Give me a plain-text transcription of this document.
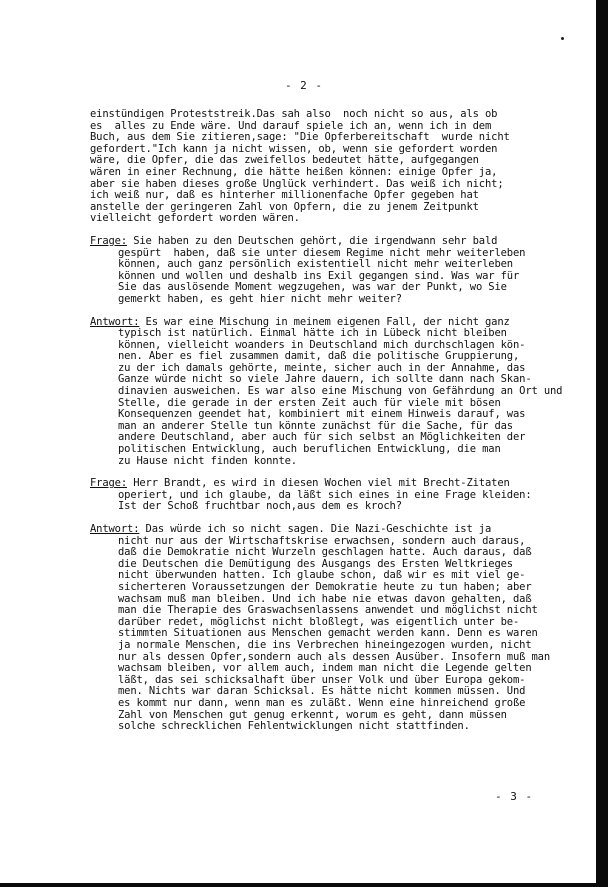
- 2 -
einstündigen Proteststreik.Das sah also  noch nicht so aus, als ob
es  alles zu Ende wäre. Und darauf spiele ich an, wenn ich in dem
Buch, aus dem Sie zitieren,sage: "Die Opferbereitschaft  wurde nicht
gefordert."Ich kann ja nicht wissen, ob, wenn sie gefordert worden
wäre, die Opfer, die das zweifellos bedeutet hätte, aufgegangen
wären in einer Rechnung, die hätte heißen können: einige Opfer ja,
aber sie haben dieses große Unglück verhindert. Das weiß ich nicht;
ich weiß nur, daß es hinterher millionenfache Opfer gegeben hat
anstelle der geringeren Zahl von Opfern, die zu jenem Zeitpunkt
vielleicht gefordert worden wären.
Frage: Sie haben zu den Deutschen gehört, die irgendwann sehr bald
gespürt  haben, daß sie unter diesem Regime nicht mehr weiterleben
können, auch ganz persönlich existentiell nicht mehr weiterleben
können und wollen und deshalb ins Exil gegangen sind. Was war für
Sie das auslösende Moment wegzugehen, was war der Punkt, wo Sie
gemerkt haben, es geht hier nicht mehr weiter?
Antwort: Es war eine Mischung in meinem eigenen Fall, der nicht ganz
typisch ist natürlich. Einmal hätte ich in Lübeck nicht bleiben
können, vielleicht woanders in Deutschland mich durchschlagen kön-
nen. Aber es fiel zusammen damit, daß die politische Gruppierung,
zu der ich damals gehörte, meinte, sicher auch in der Annahme, das
Ganze würde nicht so viele Jahre dauern, ich sollte dann nach Skan-
dinavien ausweichen. Es war also eine Mischung von Gefährdung an Ort und
Stelle, die gerade in der ersten Zeit auch für viele mit bösen
Konsequenzen geendet hat, kombiniert mit einem Hinweis darauf, was
man an anderer Stelle tun könnte zunächst für die Sache, für das
andere Deutschland, aber auch für sich selbst an Möglichkeiten der
politischen Entwicklung, auch beruflichen Entwicklung, die man
zu Hause nicht finden konnte.
Frage: Herr Brandt, es wird in diesen Wochen viel mit Brecht-Zitaten
operiert, und ich glaube, da läßt sich eines in eine Frage kleiden:
Ist der Schoß fruchtbar noch,aus dem es kroch?
Antwort: Das würde ich so nicht sagen. Die Nazi-Geschichte ist ja
nicht nur aus der Wirtschaftskrise erwachsen, sondern auch daraus,
daß die Demokratie nicht Wurzeln geschlagen hatte. Auch daraus, daß
die Deutschen die Demütigung des Ausgangs des Ersten Weltkrieges
nicht überwunden hatten. Ich glaube schon, daß wir es mit viel ge-
sicherteren Voraussetzungen der Demokratie heute zu tun haben; aber
wachsam muß man bleiben. Und ich habe nie etwas davon gehalten, daß
man die Therapie des Graswachsenlassens anwendet und möglichst nicht
darüber redet, möglichst nicht bloßlegt, was eigentlich unter be-
stimmten Situationen aus Menschen gemacht werden kann. Denn es waren
ja normale Menschen, die ins Verbrechen hineingezogen wurden, nicht
nur als dessen Opfer,sondern auch als dessen Ausüber. Insofern muß man
wachsam bleiben, vor allem auch, indem man nicht die Legende gelten
läßt, das sei schicksalhaft über unser Volk und über Europa gekom-
men. Nichts war daran Schicksal. Es hätte nicht kommen müssen. Und
es kommt nur dann, wenn man es zuläßt. Wenn eine hinreichend große
Zahl von Menschen gut genug erkennt, worum es geht, dann müssen
solche schrecklichen Fehlentwicklungen nicht stattfinden.
- 3 -
